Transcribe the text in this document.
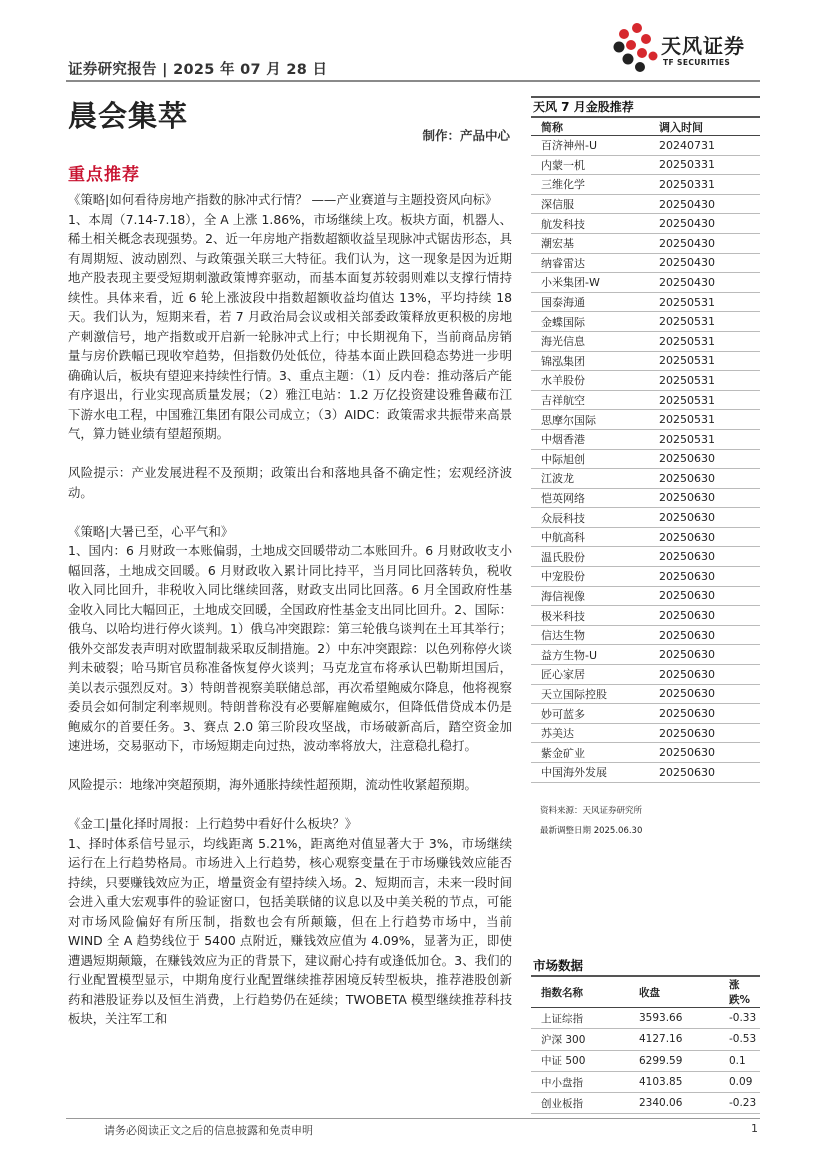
证券研究报告 | 2025 年 07 月 28 日
天风证券
TF SECURITIES
晨会集萃
制作：产品中心
重点推荐

《策略|如何看待房地产指数的脉冲式行情？ ——产业赛道与主题投资风向标》

1、本周（7.14-7.18），全 A 上涨 1.86%，市场继续上攻。板块方面，机器人、稀土相关概念表现强势。2、近一年房地产指数超额收益呈现脉冲式锯齿形态，具有周期短、波动剧烈、与政策强关联三大特征。我们认为，这一现象是因为近期地产股表现主要受短期刺激政策博弈驱动，而基本面复苏较弱则难以支撑行情持续性。具体来看，近 6 轮上涨波段中指数超额收益均值达 13%，平均持续 18 天。我们认为，短期来看，若 7 月政治局会议或相关部委政策释放更积极的房地产刺激信号，地产指数或开启新一轮脉冲式上行；中长期视角下，当前商品房销量与房价跌幅已现收窄趋势，但指数仍处低位，待基本面止跌回稳态势进一步明确确认后，板块有望迎来持续性行情。3、重点主题：（1）反内卷：推动落后产能有序退出，行业实现高质量发展；（2）雅江电站：1.2 万亿投资建设雅鲁藏布江下游水电工程，中国雅江集团有限公司成立；（3）AIDC：政策需求共振带来高景气，算力链业绩有望超预期。

风险提示：产业发展进程不及预期；政策出台和落地具备不确定性；宏观经济波动。

《策略|大暑已至，心平气和》

1、国内：6 月财政一本账偏弱，土地成交回暖带动二本账回升。6 月财政收支小幅回落，土地成交回暖。6 月财政收入累计同比持平，当月同比回落转负，税收收入同比回升，非税收入同比继续回落，财政支出同比回落。6 月全国政府性基金收入同比大幅回正，土地成交回暖，全国政府性基金支出同比回升。2、国际：俄乌、以哈均进行停火谈判。1）俄乌冲突跟踪：第三轮俄乌谈判在土耳其举行；俄外交部发表声明对欧盟制裁采取反制措施。2）中东冲突跟踪：以色列称停火谈判未破裂；哈马斯官员称准备恢复停火谈判；马克龙宣布将承认巴勒斯坦国后，美以表示强烈反对。3）特朗普视察美联储总部，再次希望鲍威尔降息，他将视察委员会如何制定利率规则。特朗普称没有必要解雇鲍威尔，但降低借贷成本仍是鲍威尔的首要任务。3、赛点 2.0 第三阶段攻坚战，市场破新高后，踏空资金加速进场，交易驱动下，市场短期走向过热，波动率将放大，注意稳扎稳打。

风险提示：地缘冲突超预期，海外通胀持续性超预期，流动性收紧超预期。

《金工|量化择时周报：上行趋势中看好什么板块？》

1、择时体系信号显示，均线距离 5.21%，距离绝对值显著大于 3%，市场继续运行在上行趋势格局。市场进入上行趋势，核心观察变量在于市场赚钱效应能否持续，只要赚钱效应为正，增量资金有望持续入场。2、短期而言，未来一段时间会进入重大宏观事件的验证窗口，包括美联储的议息以及中美关税的节点，可能对市场风险偏好有所压制，指数也会有所颠簸，但在上行趋势市场中，当前 WIND 全 A 趋势线位于 5400 点附近，赚钱效应值为 4.09%，显著为正，即使遭遇短期颠簸，在赚钱效应为正的背景下，建议耐心持有或逢低加仓。3、我们的行业配置模型显示，中期角度行业配置继续推荐困境反转型板块，推荐港股创新药和港股证券以及恒生消费，上行趋势仍在延续；TWOBETA 模型继续推荐科技板块，关注军工和

天风 7 月金股推荐
简称	调入时间
百济神州-U	20240731
内蒙一机	20250331
三维化学	20250331
深信服	20250430
航发科技	20250430
潮宏基	20250430
纳睿雷达	20250430
小米集团-W	20250430
国泰海通	20250531
金蝶国际	20250531
海光信息	20250531
锦泓集团	20250531
水羊股份	20250531
吉祥航空	20250531
思摩尔国际	20250531
中烟香港	20250531
中际旭创	20250630
江波龙	20250630
恺英网络	20250630
众辰科技	20250630
中航高科	20250630
温氏股份	20250630
中宠股份	20250630
海信视像	20250630
极米科技	20250630
信达生物	20250630
益方生物-U	20250630
匠心家居	20250630
天立国际控股	20250630
妙可蓝多	20250630
苏美达	20250630
紫金矿业	20250630
中国海外发展	20250630
资料来源：天风证券研究所
最新调整日期 2025.06.30
市场数据
指数名称	收盘	涨跌%
上证综指	3593.66	-0.33
沪深 300	4127.16	-0.53
中证 500	6299.59	0.1
中小盘指	4103.85	0.09
创业板指	2340.06	-0.23
请务必阅读正文之后的信息披露和免责申明	1
